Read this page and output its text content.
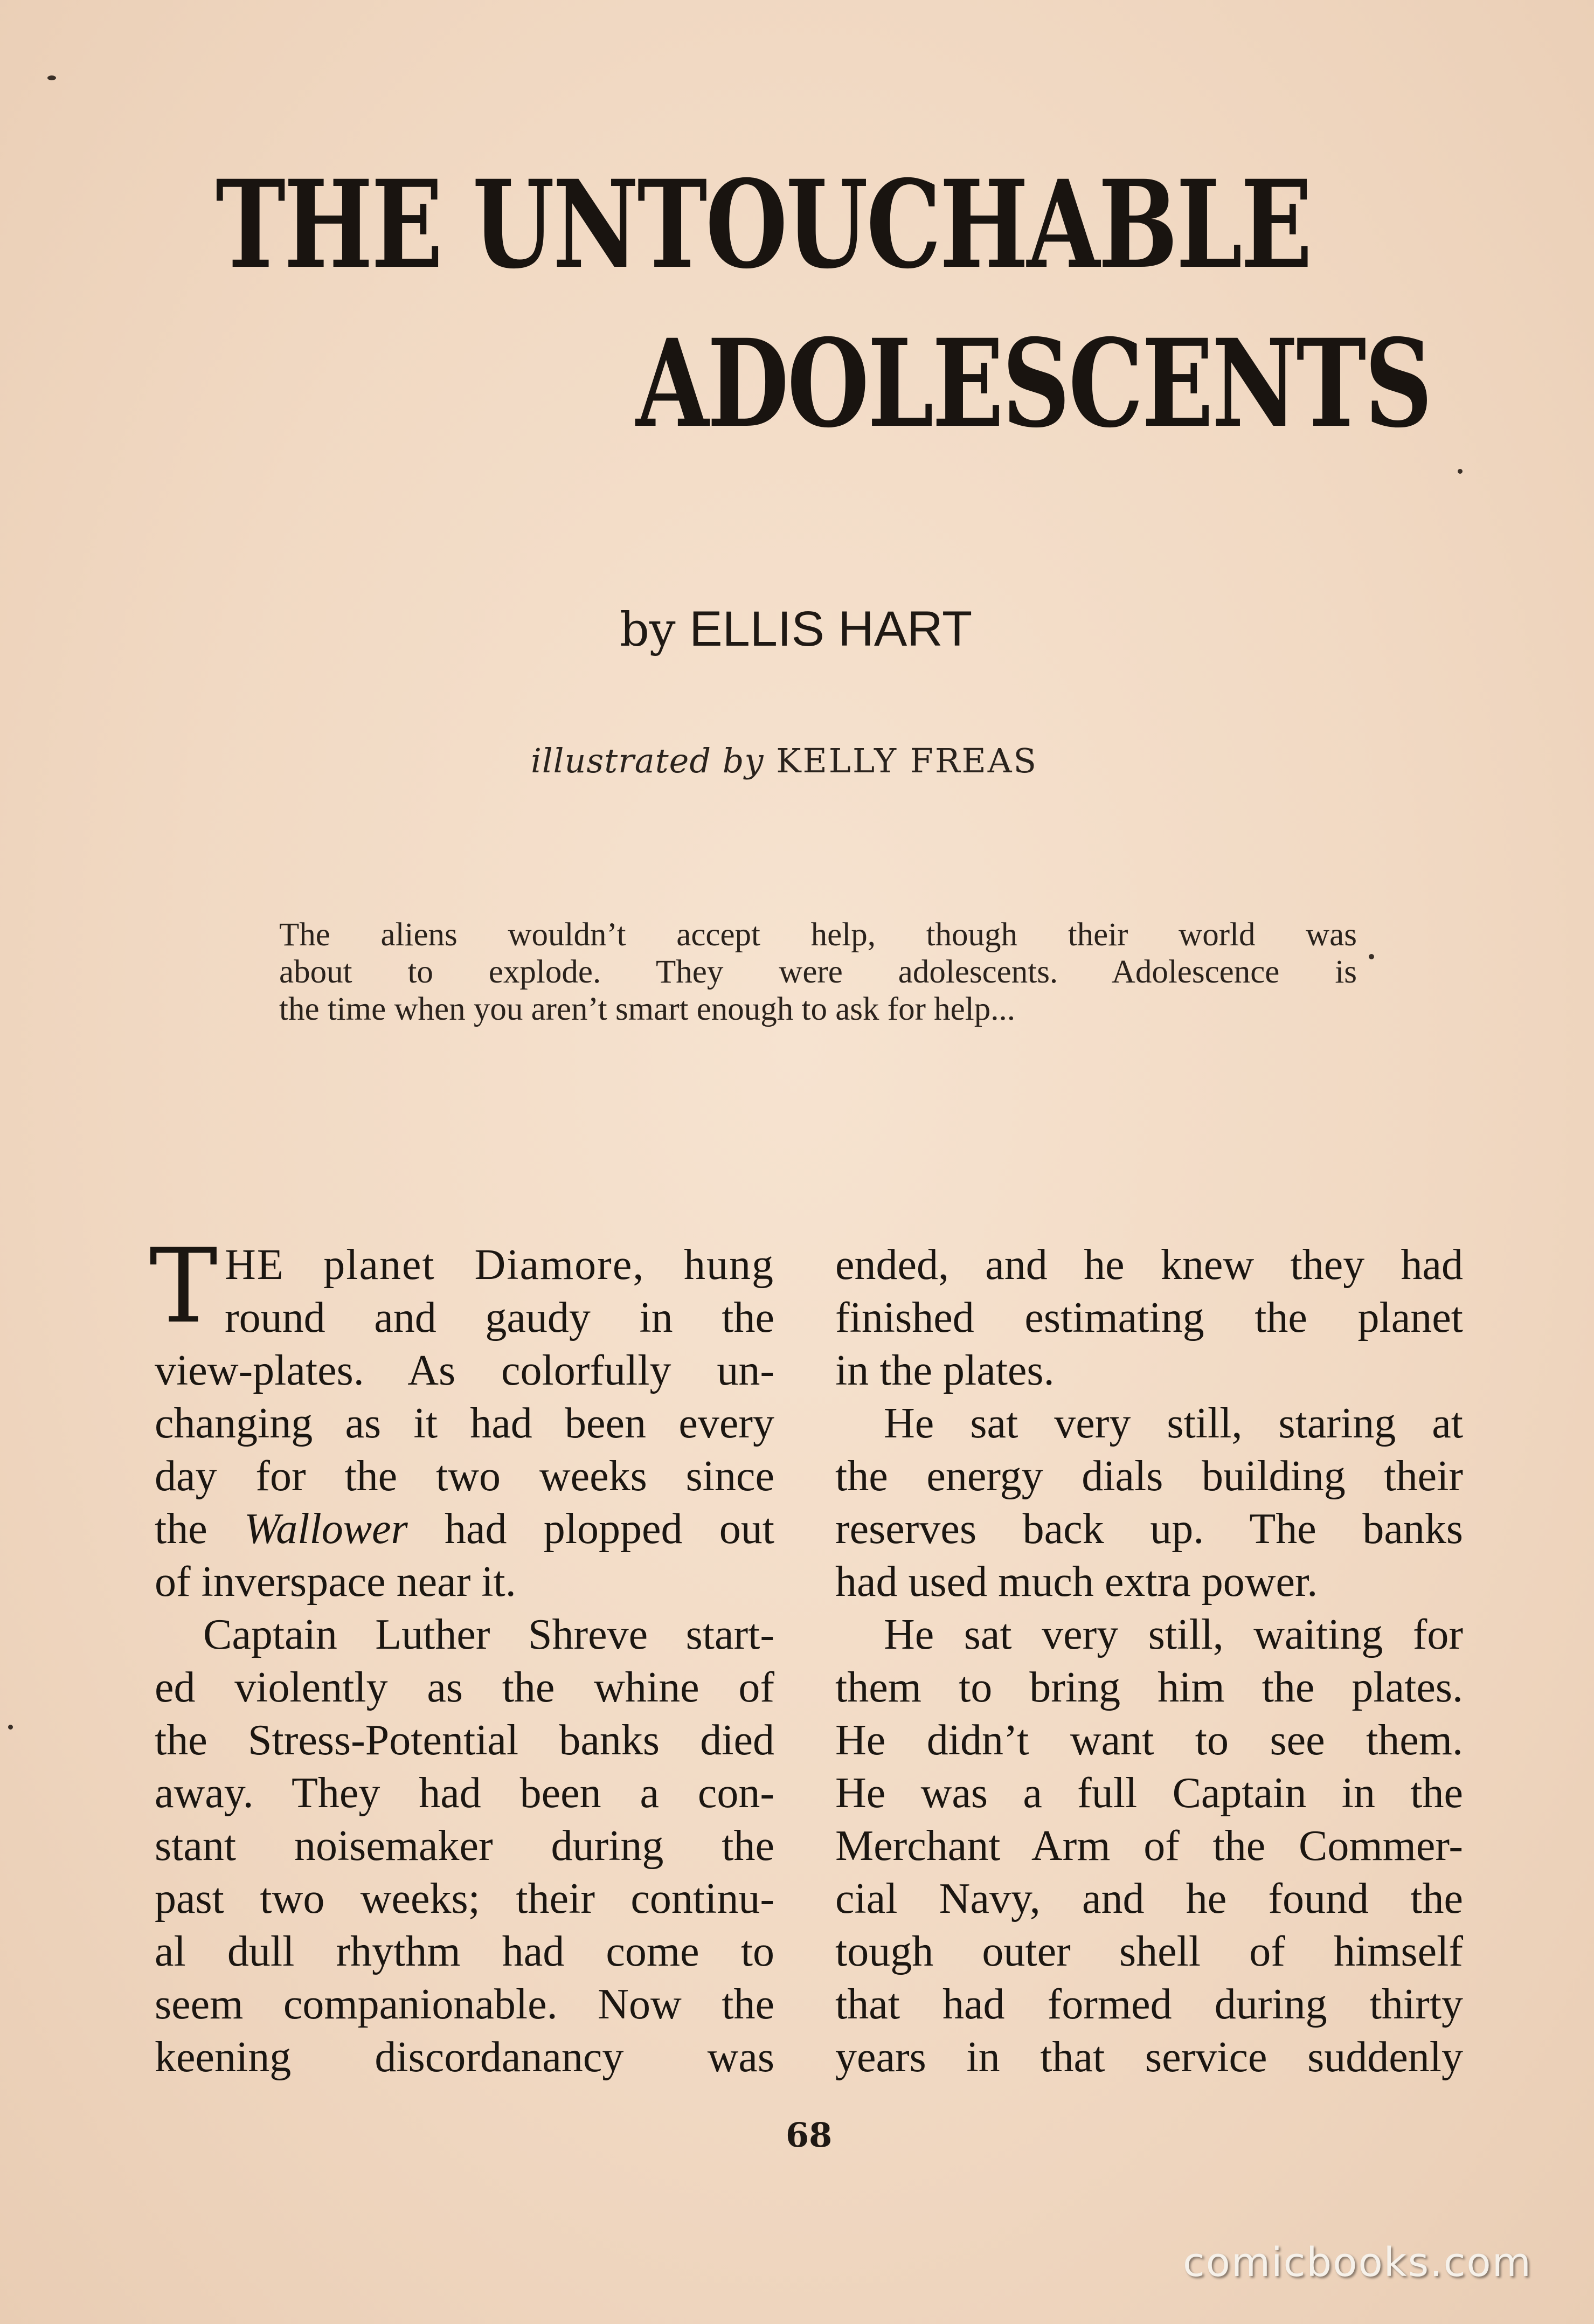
THE UNTOUCHABLE
ADOLESCENTS
by ELLIS HART
illustrated by KELLY FREAS
The aliens wouldn’t accept help, though their world was
about to explode. They were adolescents. Adolescence is
the time when you aren’t smart enough to ask for help...
T HE planet Diamore, hung
round and gaudy in the
view-plates. As colorfully un-
changing as it had been every
day for the two weeks since
the Wallower had plopped out
of inverspace near it.
Captain Luther Shreve start-
ed violently as the whine of
the Stress-Potential banks died
away. They had been a con-
stant noisemaker during the
past two weeks; their continu-
al dull rhythm had come to
seem companionable. Now the
keening discordanancy was
ended, and he knew they had
finished estimating the planet
in the plates.
He sat very still, staring at
the energy dials building their
reserves back up. The banks
had used much extra power.
He sat very still, waiting for
them to bring him the plates.
He didn’t want to see them.
He was a full Captain in the
Merchant Arm of the Commer-
cial Navy, and he found the
tough outer shell of himself
that had formed during thirty
years in that service suddenly
68
comicbooks.com
